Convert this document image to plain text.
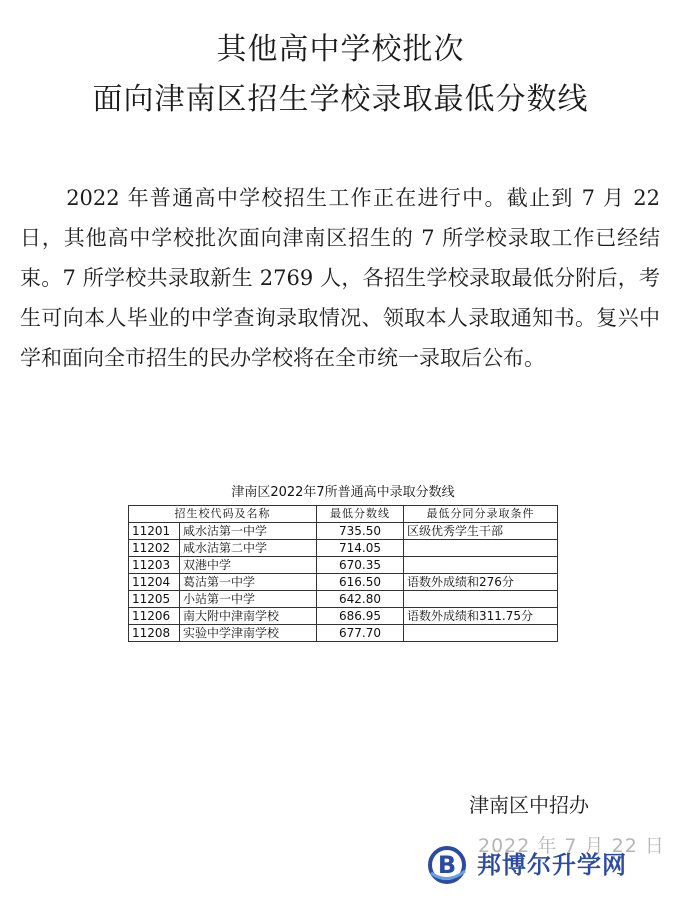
其他高中学校批次
面向津南区招生学校录取最低分数线

2022 年普通高中学校招生工作正在进行中。截止到 7 月 22 日，其他高中学校批次面向津南区招生的 7 所学校录取工作已经结束。7 所学校共录取新生 2769 人，各招生学校录取最低分附后，考生可向本人毕业的中学查询录取情况、领取本人录取通知书。复兴中学和面向全市招生的民办学校将在全市统一录取后公布。

津南区2022年7所普通高中录取分数线
招生校代码及名称		最低分数线	最低分同分录取条件
11201	咸水沽第一中学	735.50	区级优秀学生干部
11202	咸水沽第二中学	714.05	
11203	双港中学	670.35	
11204	葛沽第一中学	616.50	语数外成绩和276分
11205	小站第一中学	642.80	
11206	南大附中津南学校	686.95	语数外成绩和311.75分
11208	实验中学津南学校	677.70	
津南区中招办
2022 年 7 月 22 日
B 邦博尔升学网
